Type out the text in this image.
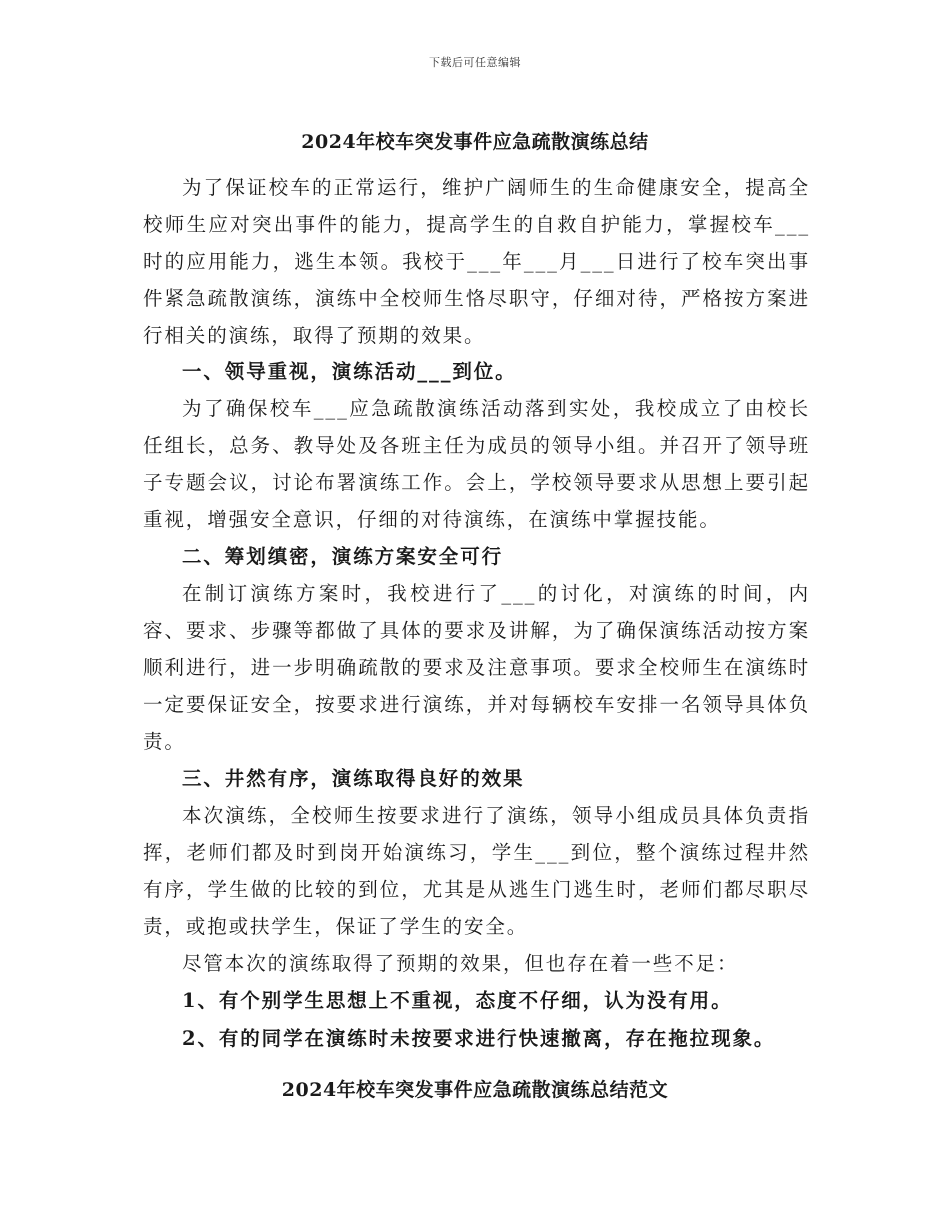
下载后可任意编辑
2024年校车突发事件应急疏散演练总结

为了保证校车的正常运行，维护广阔师生的生命健康安全，提高全校师生应对突出事件的能力，提高学生的自救自护能力，掌握校车___时的应用能力，逃生本领。我校于___年___月___日进行了校车突出事件紧急疏散演练，演练中全校师生恪尽职守，仔细对待，严格按方案进行相关的演练，取得了预期的效果。

一、领导重视，演练活动___到位。

为了确保校车___应急疏散演练活动落到实处，我校成立了由校长任组长，总务、教导处及各班主任为成员的领导小组。并召开了领导班子专题会议，讨论布署演练工作。会上，学校领导要求从思想上要引起重视，增强安全意识，仔细的对待演练，在演练中掌握技能。

二、筹划缜密，演练方案安全可行

在制订演练方案时，我校进行了___的讨化，对演练的时间，内容、要求、步骤等都做了具体的要求及讲解，为了确保演练活动按方案顺利进行，进一步明确疏散的要求及注意事项。要求全校师生在演练时一定要保证安全，按要求进行演练，并对每辆校车安排一名领导具体负责。

三、井然有序，演练取得良好的效果

本次演练，全校师生按要求进行了演练，领导小组成员具体负责指挥，老师们都及时到岗开始演练习，学生___到位，整个演练过程井然有序，学生做的比较的到位，尤其是从逃生门逃生时，老师们都尽职尽责，或抱或扶学生，保证了学生的安全。

尽管本次的演练取得了预期的效果，但也存在着一些不足：

1、有个别学生思想上不重视，态度不仔细，认为没有用。

2、有的同学在演练时未按要求进行快速撤离，存在拖拉现象。

2024年校车突发事件应急疏散演练总结范文
